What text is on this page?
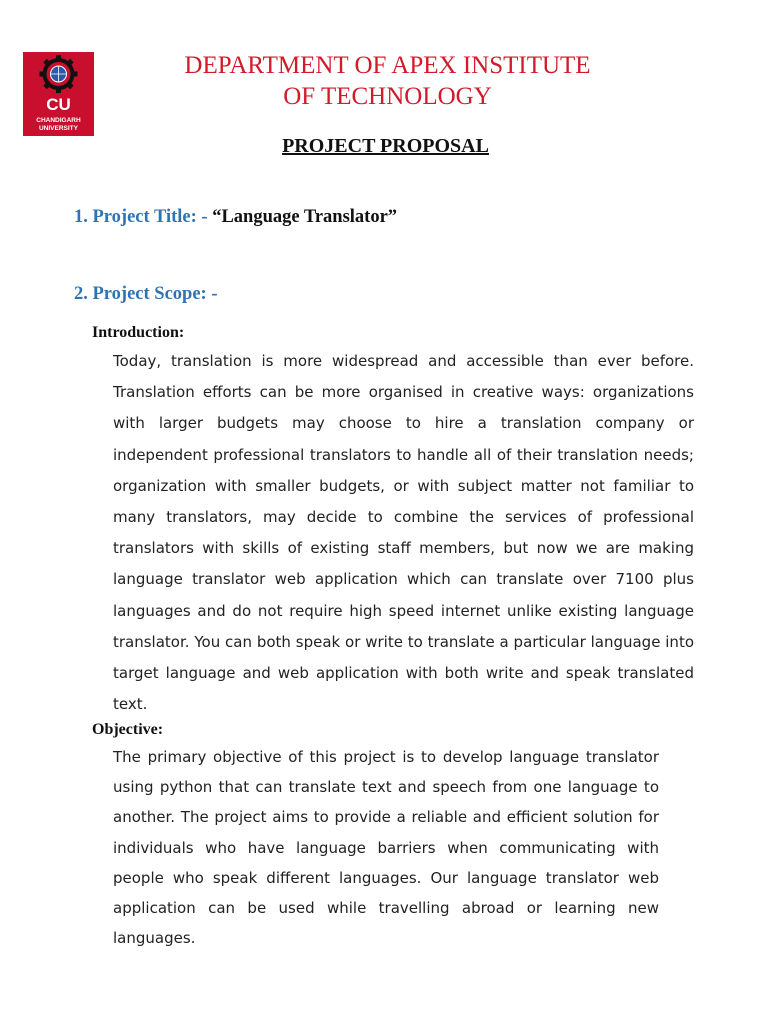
CU
CHANDIGARH
UNIVERSITY
DEPARTMENT OF APEX INSTITUTE
OF TECHNOLOGY
PROJECT PROPOSAL
1. Project Title: - “Language Translator”
2. Project Scope: -
Introduction:
Today, translation is more widespread and accessible than ever before. Translation efforts can be more organised in creative ways: organizations with larger budgets may choose to hire a translation company or independent professional translators to handle all of their translation needs; organization with smaller budgets, or with subject matter not familiar to many translators, may decide to combine the services of professional translators with skills of existing staff members, but now we are making language translator web application which can translate over 7100 plus languages and do not require high speed internet unlike existing language translator. You can both speak or write to translate a particular language into target language and web application with both write and speak translated text.
Objective:
The primary objective of this project is to develop language translator using python that can translate text and speech from one language to another. The project aims to provide a reliable and efficient solution for individuals who have language barriers when communicating with people who speak different languages. Our language translator web application can be used while travelling abroad or learning new languages.
